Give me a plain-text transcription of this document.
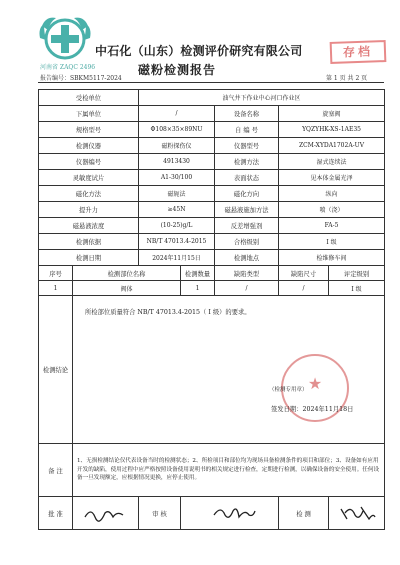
河南省 ZAQC 2496
中石化（山东）检测评价研究有限公司
磁粉检测报告
存档
报告编号：SBKM5117-2024	第 1 页 共 2 页
受检单位		油气井下作业中心河口作业区				
下属单位		/		设备名称	旋塞阀	
规格型号		Φ108×35×89NU		自 编 号	YQZYHK-XS-1AE35	
检测仪器		磁粉探伤仪		仪器型号	ZCM-XYDA1702A-UV	
仪器编号		4913430		检测方法	湿式连续法	
灵敏度试片		A1-30/100		表面状态	见本体金属光泽	
磁化方法		磁轭法		磁化方向	纵向	
提升力		≥45N		磁悬液施加方法	喷（浇）	
磁悬液浓度		(10-25)g/L		反差增强剂	FA-5	
检测依据		NB/T 47013.4-2015		合格级别	I 级	
检测日期		2024年11月15日		检测地点	检维修车间	
序号	检测部位名称		检测数量	缺陷类型	缺陷尺寸	评定级别
1	阀体		1	/	/	I 级
检测结论	所检部位质量符合 NB/T 47013.4-2015（ I 级）的要求。
★
（检测专用章）
签发日期：2024年11月18日					

备 注	1、无损检测结论仅代表设备当时的检测状态；2、所检项目和部位均为现场具备检测条件的项目和部位；3、设备如有应用开发的缺陷，使用过程中应严格按照设备使用说明书的相关规定进行检查，定期进行检测，以确保设备的安全使用。任何设备一旦发现额定，应根据情况更换，应停止使用。					
批 准		审 核			检 测	
